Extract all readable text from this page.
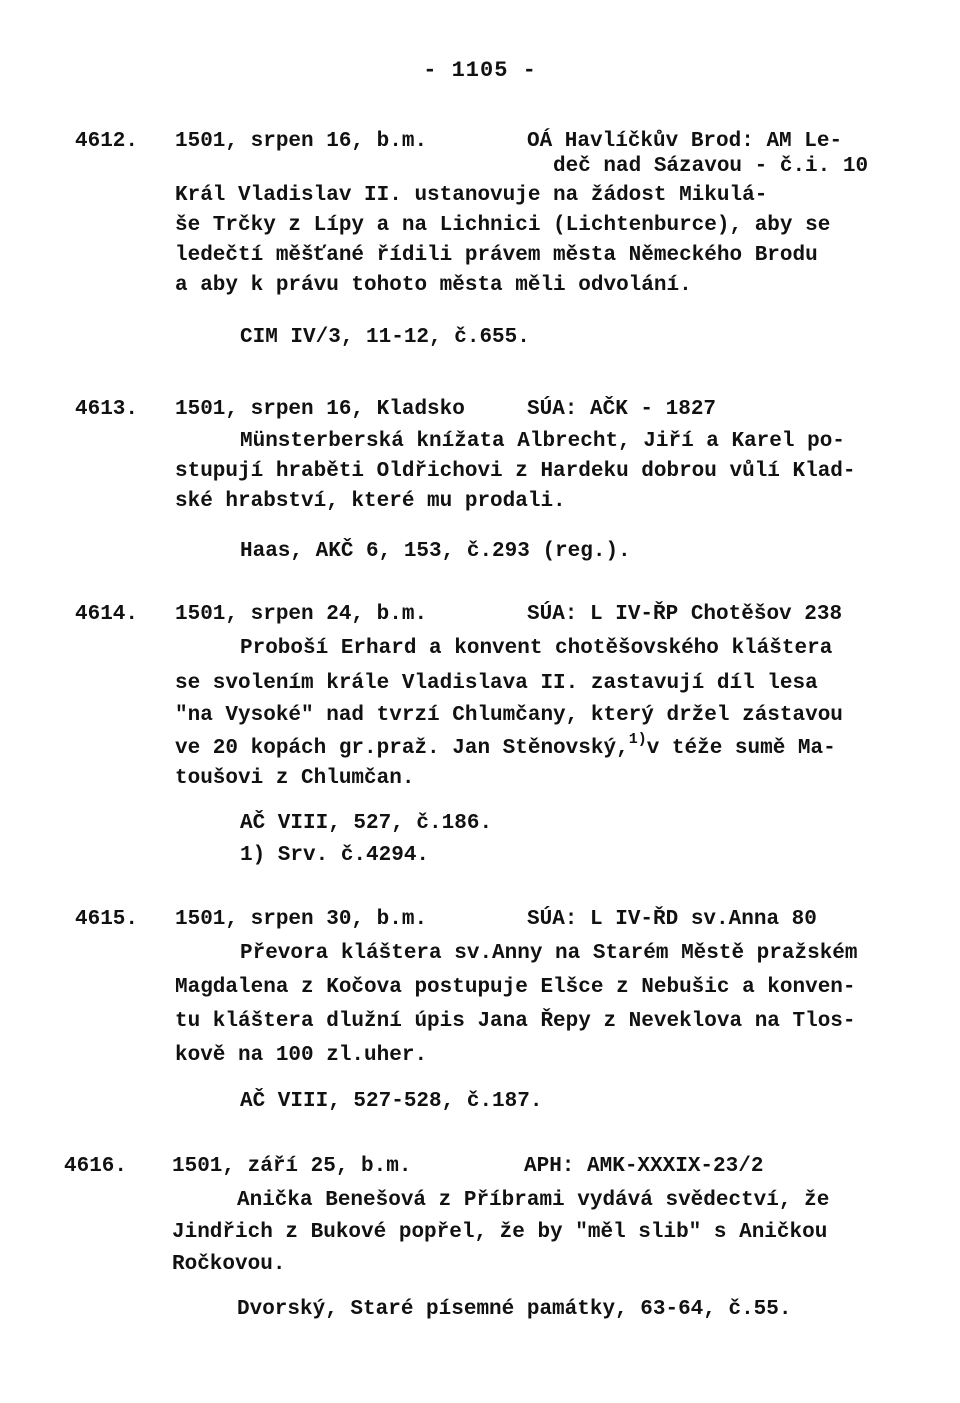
- 1105 -
4612. 1501, srpen 16, b.m.	OÁ Havlíčkův Brod: AM Le-
deč nad Sázavou - č.i. 10
Král Vladislav II. ustanovuje na žádost Mikulá-
še Trčky z Lípy a na Lichnici (Lichtenburce), aby se
ledečtí měšťané řídili právem města Německého Brodu
a aby k právu tohoto města měli odvolání.
CIM IV/3, 11-12, č.655.
4613. 1501, srpen 16, Kladsko	SÚA: AČK - 1827
Münsterberská knížata Albrecht, Jiří a Karel po-
stupují hraběti Oldřichovi z Hardeku dobrou vůlí Klad-
ské hrabství, které mu prodali.
Haas, AKČ 6, 153, č.293 (reg.).
4614. 1501, srpen 24, b.m.	SÚA: L IV-ŘP Chotěšov 238
Proboší Erhard a konvent chotěšovského kláštera
se svolením krále Vladislava II. zastavují díl lesa
"na Vysoké" nad tvrzí Chlumčany, který držel zástavou
ve 20 kopách gr.praž. Jan Stěnovský,$^{1)}$v téže sumě Ma-
toušovi z Chlumčan.
AČ VIII, 527, č.186.
1) Srv. č.4294.
4615. 1501, srpen 30, b.m.	SÚA: L IV-ŘD sv.Anna 80
Převora kláštera sv.Anny na Starém Městě pražském
Magdalena z Kočova postupuje Elšce z Nebušic a konven-
tu kláštera dlužní úpis Jana Řepy z Neveklova na Tlos-
kově na 100 zl.uher.
AČ VIII, 527-528, č.187.
4616. 1501, září 25, b.m.	APH: AMK-XXXIX-23/2
Anička Benešová z Příbrami vydává svědectví, že
Jindřich z Bukové popřel, že by "měl slib" s Aničkou
Ročkovou.
Dvorský, Staré písemné památky, 63-64, č.55.
